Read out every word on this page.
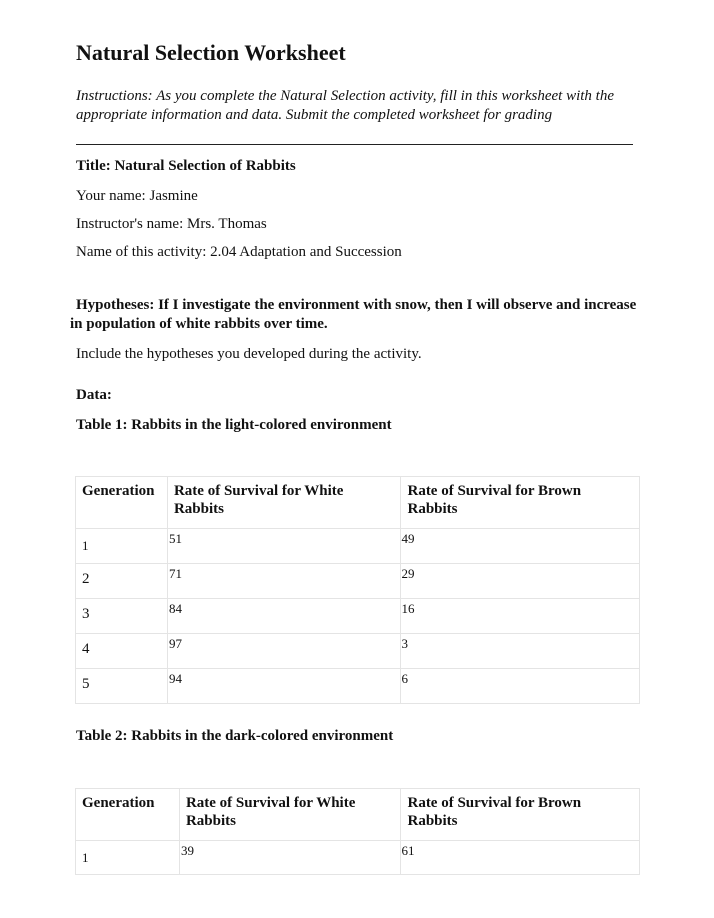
Natural Selection Worksheet
Instructions: As you complete the Natural Selection activity, fill in this worksheet with the appropriate information and data. Submit the completed worksheet for grading
Title: Natural Selection of Rabbits
Your name: Jasmine
Instructor's name: Mrs. Thomas
Name of this activity: 2.04 Adaptation and Succession
Hypotheses: If I investigate the environment with snow, then I will observe and increase in population of white rabbits over time.
Include the hypotheses you developed during the activity.
Data:
Table 1: Rabbits in the light-colored environment
Generation	Rate of Survival for White Rabbits	Rate of Survival for Brown Rabbits
1	51	49
2	71	29
3	84	16
4	97	3
5	94	6
Table 2: Rabbits in the dark-colored environment
Generation	Rate of Survival for White Rabbits	Rate of Survival for Brown Rabbits
1	39	61
